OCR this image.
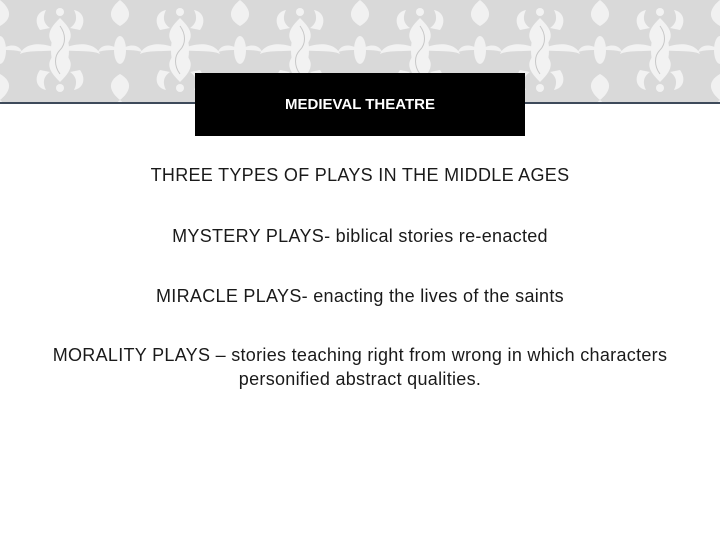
MEDIEVAL THEATRE
THREE TYPES OF PLAYS IN THE MIDDLE AGES
MYSTERY PLAYS- biblical stories re-enacted
MIRACLE PLAYS- enacting the lives of the saints
MORALITY PLAYS – stories teaching right from wrong in which characters personified abstract qualities.
